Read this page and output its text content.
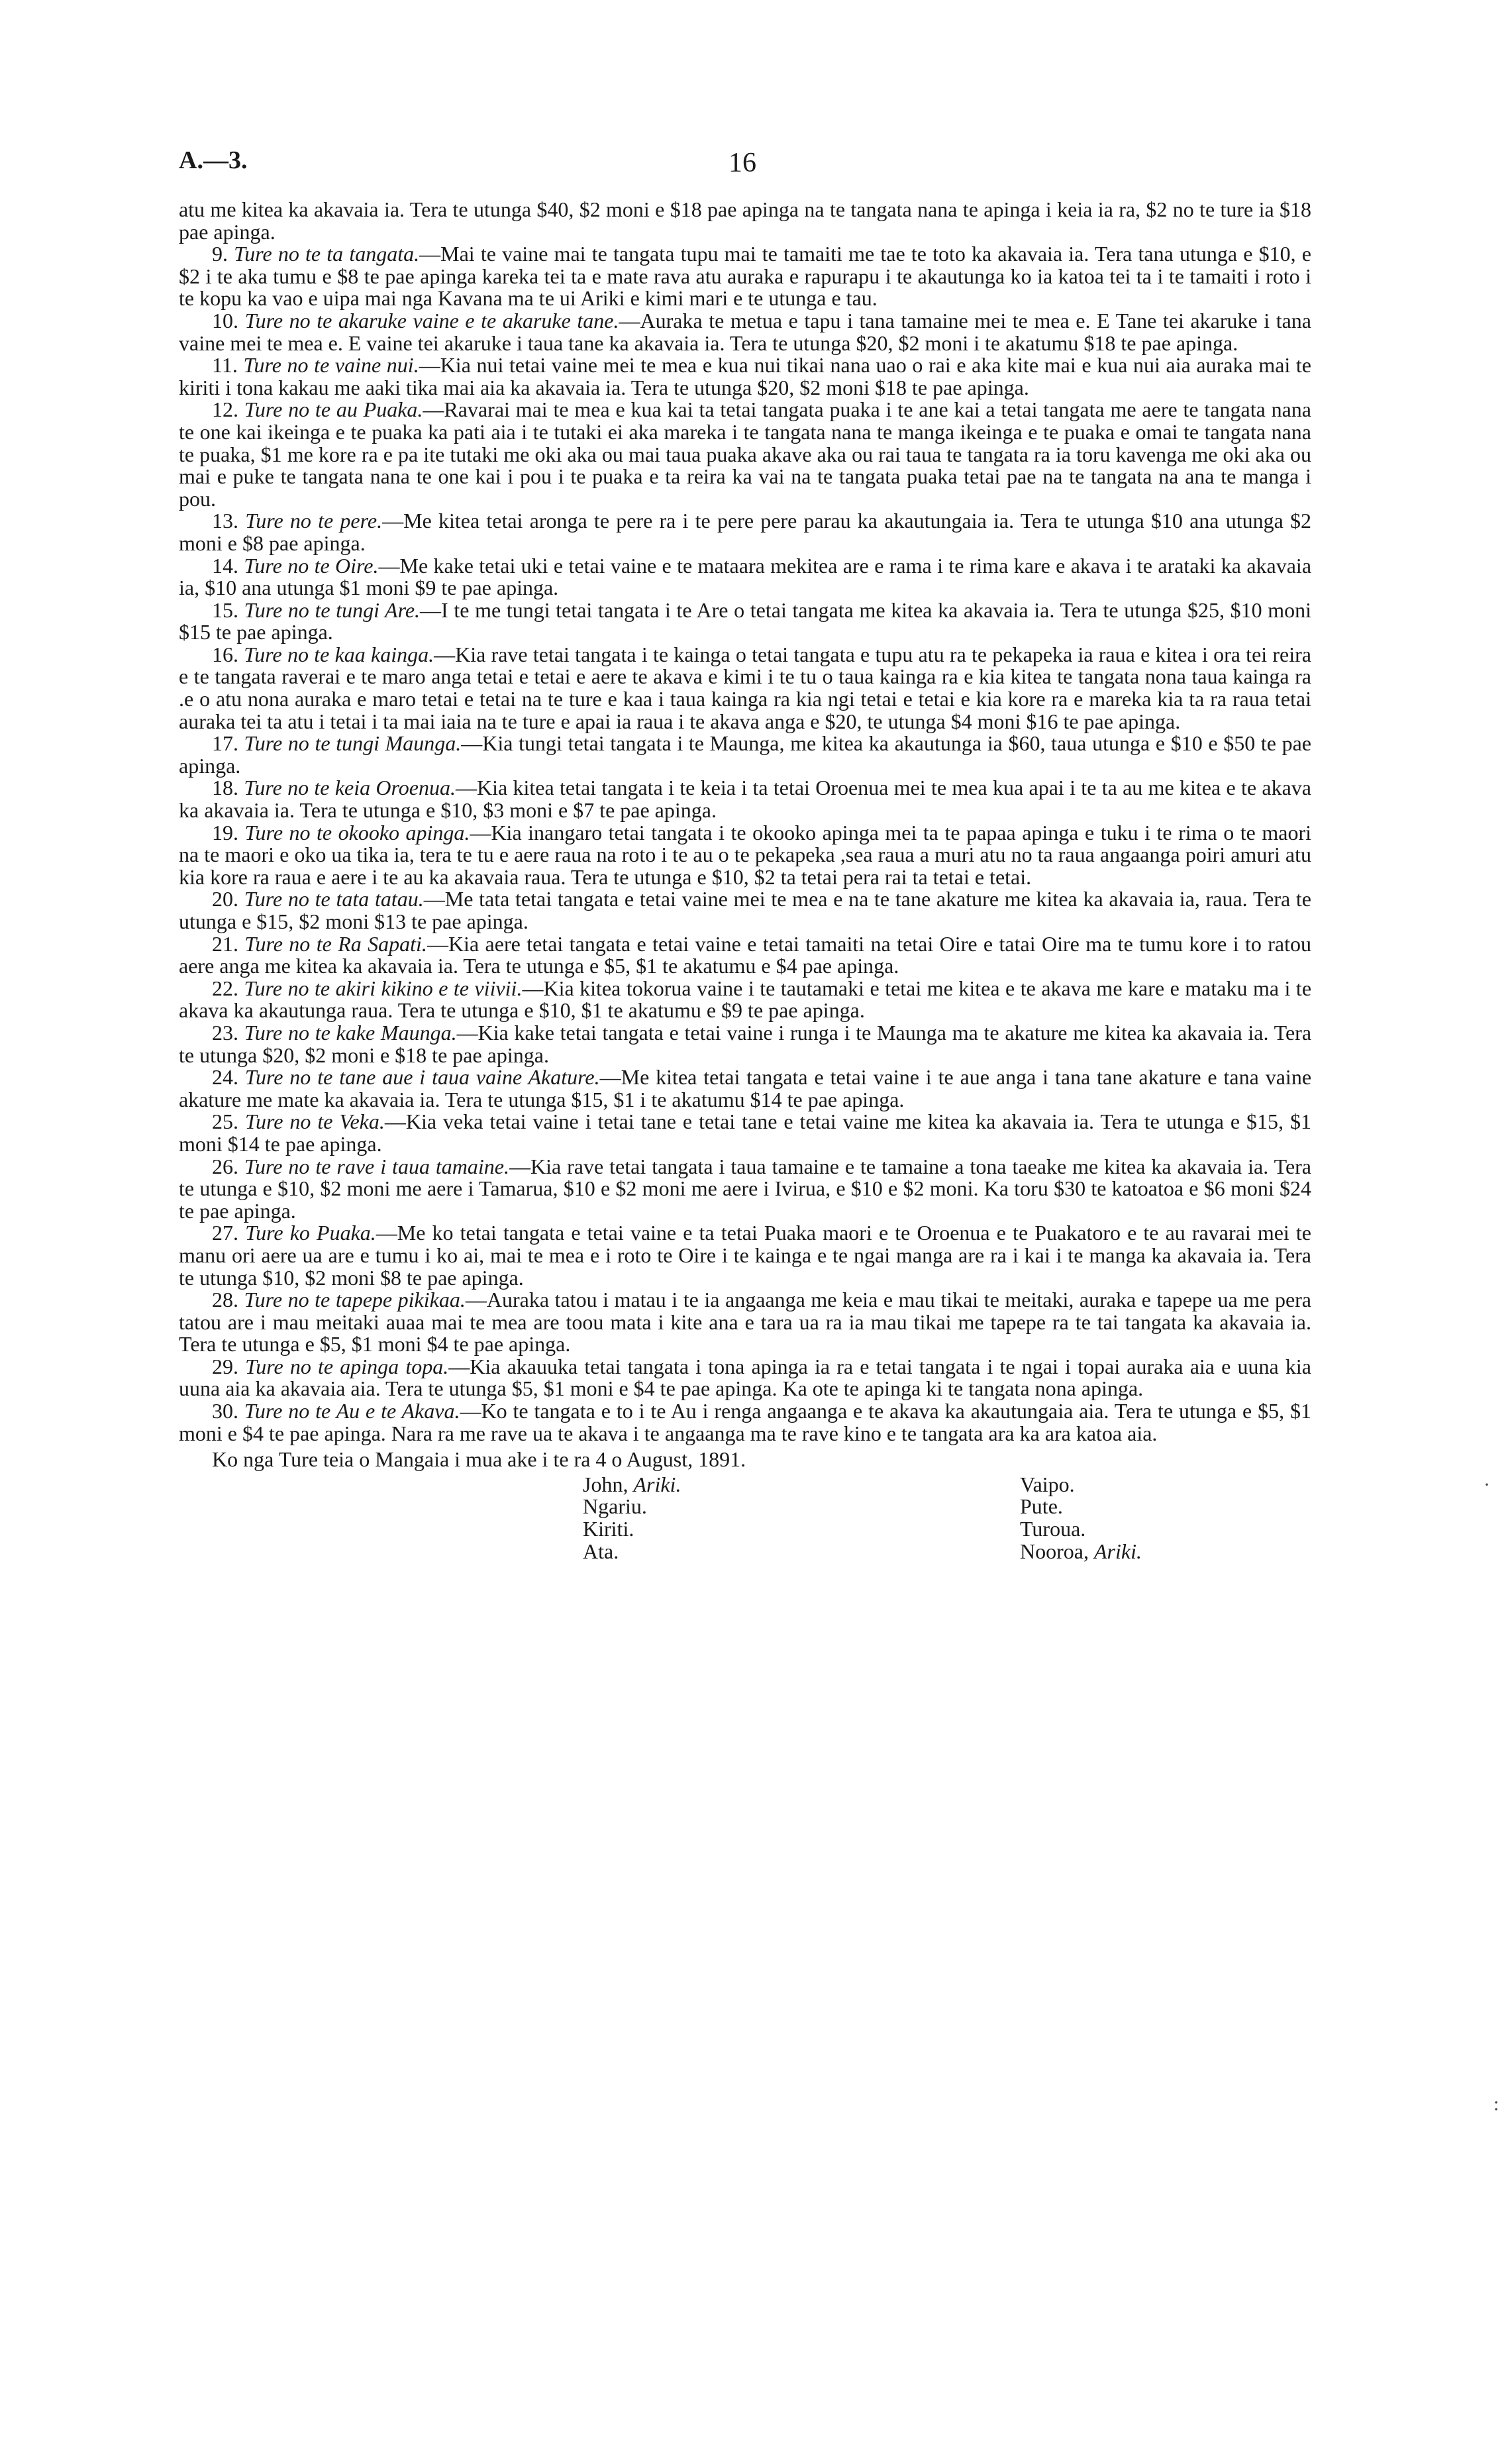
A.—3.	16

atu me kitea ka akavaia ia. Tera te utunga $40, $2 moni e $18 pae apinga na te tangata nana te apinga i keia ia ra, $2 no te ture ia $18 pae apinga.

9. Ture no te ta tangata.—Mai te vaine mai te tangata tupu mai te tamaiti me tae te toto ka akavaia ia. Tera tana utunga e $10, e $2 i te aka tumu e $8 te pae apinga kareka tei ta e mate rava atu auraka e rapurapu i te akautunga ko ia katoa tei ta i te tamaiti i roto i te kopu ka vao e uipa mai nga Kavana ma te ui Ariki e kimi mari e te utunga e tau.

10. Ture no te akaruke vaine e te akaruke tane.—Auraka te metua e tapu i tana tamaine mei te mea e. E Tane tei akaruke i tana vaine mei te mea e. E vaine tei akaruke i taua tane ka akavaia ia. Tera te utunga $20, $2 moni i te akatumu $18 te pae apinga.

11. Ture no te vaine nui.—Kia nui tetai vaine mei te mea e kua nui tikai nana uao o rai e aka kite mai e kua nui aia auraka mai te kiriti i tona kakau me aaki tika mai aia ka akavaia ia. Tera te utunga $20, $2 moni $18 te pae apinga.

12. Ture no te au Puaka.—Ravarai mai te mea e kua kai ta tetai tangata puaka i te ane kai a tetai tangata me aere te tangata nana te one kai ikeinga e te puaka ka pati aia i te tutaki ei aka mareka i te tangata nana te manga ikeinga e te puaka e omai te tangata nana te puaka, $1 me kore ra e pa ite tutaki me oki aka ou mai taua puaka akave aka ou rai taua te tangata ra ia toru kavenga me oki aka ou mai e puke te tangata nana te one kai i pou i te puaka e ta reira ka vai na te tangata puaka tetai pae na te tangata na ana te manga i pou.

13. Ture no te pere.—Me kitea tetai aronga te pere ra i te pere pere parau ka akautungaia ia. Tera te utunga $10 ana utunga $2 moni e $8 pae apinga.

14. Ture no te Oire.—Me kake tetai uki e tetai vaine e te mataara mekitea are e rama i te rima kare e akava i te arataki ka akavaia ia, $10 ana utunga $1 moni $9 te pae apinga.

15. Ture no te tungi Are.—I te me tungi tetai tangata i te Are o tetai tangata me kitea ka akavaia ia. Tera te utunga $25, $10 moni $15 te pae apinga.

16. Ture no te kaa kainga.—Kia rave tetai tangata i te kainga o tetai tangata e tupu atu ra te pekapeka ia raua e kitea i ora tei reira e te tangata raverai e te maro anga tetai e tetai e aere te akava e kimi i te tu o taua kainga ra e kia kitea te tangata nona taua kainga ra .e o atu nona auraka e maro tetai e tetai na te ture e kaa i taua kainga ra kia ngi tetai e tetai e kia kore ra e mareka kia ta ra raua tetai auraka tei ta atu i tetai i ta mai iaia na te ture e apai ia raua i te akava anga e $20, te utunga $4 moni $16 te pae apinga.

17. Ture no te tungi Maunga.—Kia tungi tetai tangata i te Maunga, me kitea ka akautunga ia $60, taua utunga e $10 e $50 te pae apinga.

18. Ture no te keia Oroenua.—Kia kitea tetai tangata i te keia i ta tetai Oroenua mei te mea kua apai i te ta au me kitea e te akava ka akavaia ia. Tera te utunga e $10, $3 moni e $7 te pae apinga.

19. Ture no te okooko apinga.—Kia inangaro tetai tangata i te okooko apinga mei ta te papaa apinga e tuku i te rima o te maori na te maori e oko ua tika ia, tera te tu e aere raua na roto i te au o te pekapeka ,sea raua a muri atu no ta raua angaanga poiri amuri atu kia kore ra raua e aere i te au ka akavaia raua. Tera te utunga e $10, $2 ta tetai pera rai ta tetai e tetai.

20. Ture no te tata tatau.—Me tata tetai tangata e tetai vaine mei te mea e na te tane akature me kitea ka akavaia ia, raua. Tera te utunga e $15, $2 moni $13 te pae apinga.

21. Ture no te Ra Sapati.—Kia aere tetai tangata e tetai vaine e tetai tamaiti na tetai Oire e tatai Oire ma te tumu kore i to ratou aere anga me kitea ka akavaia ia. Tera te utunga e $5, $1 te akatumu e $4 pae apinga.

22. Ture no te akiri kikino e te viivii.—Kia kitea tokorua vaine i te tautamaki e tetai me kitea e te akava me kare e mataku ma i te akava ka akautunga raua. Tera te utunga e $10, $1 te akatumu e $9 te pae apinga.

23. Ture no te kake Maunga.—Kia kake tetai tangata e tetai vaine i runga i te Maunga ma te akature me kitea ka akavaia ia. Tera te utunga $20, $2 moni e $18 te pae apinga.

24. Ture no te tane aue i taua vaine Akature.—Me kitea tetai tangata e tetai vaine i te aue anga i tana tane akature e tana vaine akature me mate ka akavaia ia. Tera te utunga $15, $1 i te akatumu $14 te pae apinga.

25. Ture no te Veka.—Kia veka tetai vaine i tetai tane e tetai tane e tetai vaine me kitea ka akavaia ia. Tera te utunga e $15, $1 moni $14 te pae apinga.

26. Ture no te rave i taua tamaine.—Kia rave tetai tangata i taua tamaine e te tamaine a tona taeake me kitea ka akavaia ia. Tera te utunga e $10, $2 moni me aere i Tamarua, $10 e $2 moni me aere i Ivirua, e $10 e $2 moni. Ka toru $30 te katoatoa e $6 moni $24 te pae apinga.

27. Ture ko Puaka.—Me ko tetai tangata e tetai vaine e ta tetai Puaka maori e te Oroenua e te Puakatoro e te au ravarai mei te manu ori aere ua are e tumu i ko ai, mai te mea e i roto te Oire i te kainga e te ngai manga are ra i kai i te manga ka akavaia ia. Tera te utunga $10, $2 moni $8 te pae apinga.

28. Ture no te tapepe pikikaa.—Auraka tatou i matau i te ia angaanga me keia e mau tikai te meitaki, auraka e tapepe ua me pera tatou are i mau meitaki auaa mai te mea are toou mata i kite ana e tara ua ra ia mau tikai me tapepe ra te tai tangata ka akavaia ia. Tera te utunga e $5, $1 moni $4 te pae apinga.

29. Ture no te apinga topa.—Kia akauuka tetai tangata i tona apinga ia ra e tetai tangata i te ngai i topai auraka aia e uuna kia uuna aia ka akavaia aia. Tera te utunga $5, $1 moni e $4 te pae apinga. Ka ote te apinga ki te tangata nona apinga.

30. Ture no te Au e te Akava.—Ko te tangata e to i te Au i renga angaanga e te akava ka akautungaia aia. Tera te utunga e $5, $1 moni e $4 te pae apinga. Nara ra me rave ua te akava i te angaanga ma te rave kino e te tangata ara ka ara katoa aia.

Ko nga Ture teia o Mangaia i mua ake i te ra 4 o August, 1891.

John, Ariki.
Ngariu.
Kiriti.
Ata.
Vaipo.
Pute.
Turoua.
Nooroa, Ariki.
·
:
